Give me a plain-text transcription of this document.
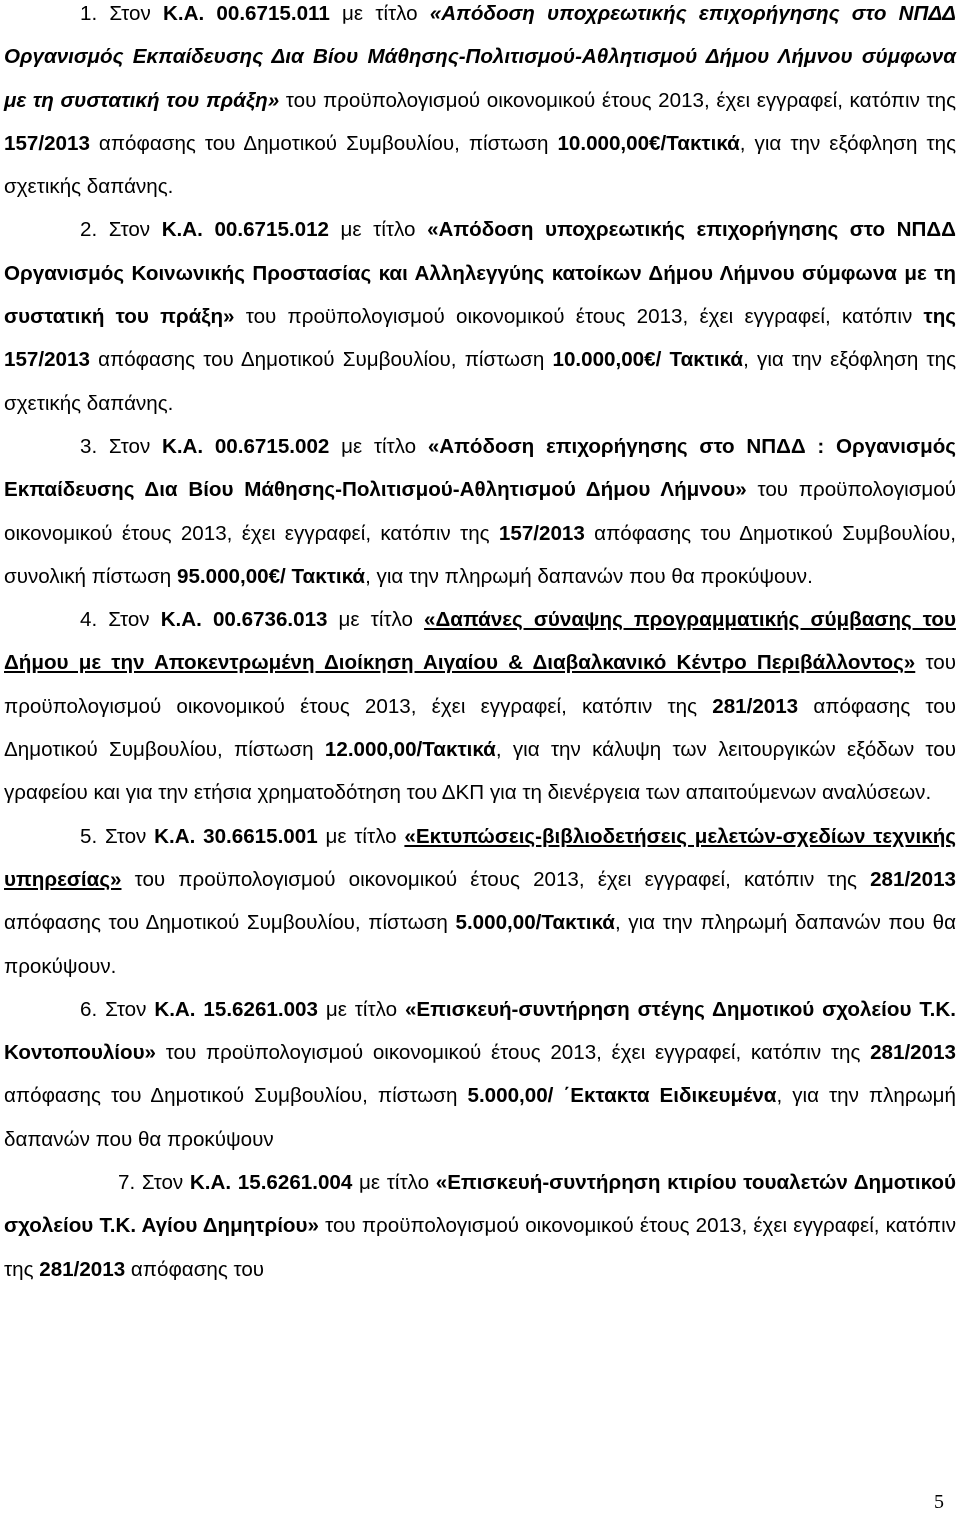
1. Στον Κ.Α. 00.6715.011 με τίτλο «Απόδοση υποχρεωτικής επιχορήγησης στο ΝΠΔΔ Οργανισμός Εκπαίδευσης Δια Βίου Μάθησης-Πολιτισμού-Αθλητισμού Δήμου Λήμνου σύμφωνα με τη συστατική του πράξη» του προϋπολογισμού οικονομικού έτους 2013, έχει εγγραφεί, κατόπιν της 157/2013 απόφασης του Δημοτικού Συμβουλίου, πίστωση 10.000,00€/Τακτικά, για την εξόφληση της σχετικής δαπάνης.

2. Στον Κ.Α. 00.6715.012 με τίτλο «Απόδοση υποχρεωτικής επιχορήγησης στο ΝΠΔΔ Οργανισμός Κοινωνικής Προστασίας και Αλληλεγγύης κατοίκων Δήμου Λήμνου σύμφωνα με τη συστατική του πράξη» του προϋπολογισμού οικονομικού έτους 2013, έχει εγγραφεί, κατόπιν της 157/2013 απόφασης του Δημοτικού Συμβουλίου, πίστωση 10.000,00€/ Τακτικά, για την εξόφληση της σχετικής δαπάνης.

3. Στον Κ.Α. 00.6715.002 με τίτλο «Απόδοση επιχορήγησης στο ΝΠΔΔ : Οργανισμός Εκπαίδευσης Δια Βίου Μάθησης-Πολιτισμού-Αθλητισμού Δήμου Λήμνου» του προϋπολογισμού οικονομικού έτους 2013, έχει εγγραφεί, κατόπιν της 157/2013 απόφασης του Δημοτικού Συμβουλίου, συνολική πίστωση 95.000,00€/ Τακτικά, για την πληρωμή δαπανών που θα προκύψουν.

4. Στον Κ.Α. 00.6736.013 με τίτλο «Δαπάνες σύναψης προγραμματικής σύμβασης του Δήμου με την Αποκεντρωμένη Διοίκηση Αιγαίου & Διαβαλκανικό Κέντρο Περιβάλλοντος» του προϋπολογισμού οικονομικού έτους 2013, έχει εγγραφεί, κατόπιν της 281/2013 απόφασης του Δημοτικού Συμβουλίου, πίστωση 12.000,00/Τακτικά, για την κάλυψη των λειτουργικών εξόδων του γραφείου και για την ετήσια χρηματοδότηση του ΔΚΠ για τη διενέργεια των απαιτούμενων αναλύσεων.

5. Στον Κ.Α. 30.6615.001 με τίτλο «Εκτυπώσεις-βιβλιοδετήσεις μελετών-σχεδίων τεχνικής υπηρεσίας» του προϋπολογισμού οικονομικού έτους 2013, έχει εγγραφεί, κατόπιν της 281/2013 απόφασης του Δημοτικού Συμβουλίου, πίστωση 5.000,00/Τακτικά, για την πληρωμή δαπανών που θα προκύψουν.

6. Στον Κ.Α. 15.6261.003 με τίτλο «Επισκευή-συντήρηση στέγης Δημοτικού σχολείου Τ.Κ. Κοντοπουλίου» του προϋπολογισμού οικονομικού έτους 2013, έχει εγγραφεί, κατόπιν της 281/2013 απόφασης του Δημοτικού Συμβουλίου, πίστωση 5.000,00/ ΄Εκτακτα Ειδικευμένα, για την πληρωμή δαπανών που θα προκύψουν

7. Στον Κ.Α. 15.6261.004 με τίτλο «Επισκευή-συντήρηση κτιρίου τουαλετών Δημοτικού σχολείου Τ.Κ. Αγίου Δημητρίου» του προϋπολογισμού οικονομικού έτους 2013, έχει εγγραφεί, κατόπιν της 281/2013 απόφασης του

5
